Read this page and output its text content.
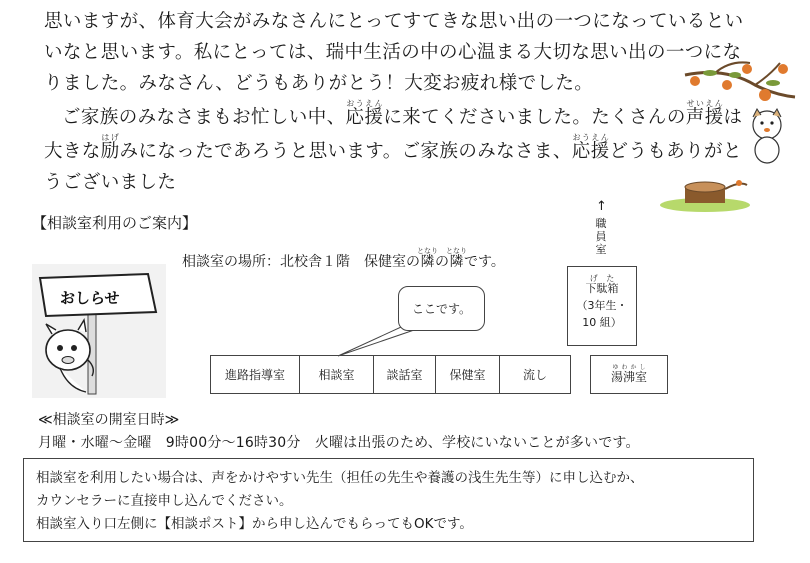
思いますが、体育大会がみなさんにとってすてきな思い出の一つになっているとい

いなと思います。私にとっては、瑞中生活の中の心温まる大切な思い出の一つにな

りました。みなさん、どうもありがとう！大変お疲れ様でした。

ご家族のみなさまもお忙しい中、応援おうえんに来てくださいました。たくさんの声援せいえんは

大きな励はげみになったであろうと思います。ご家族のみなさま、応援おうえんどうもありがと

うございました

【相談室利用のご案内】
相談室の場所：北校舎１階　保健室の隣となりの隣となりです。
おしらせ
進路指導室	相談室	談話室	保健室	流し
ここです。
↑
職員室
下駄箱げた
（3年生・
10 組）
湯沸室ゆわかし
≪相談室の開室日時≫
月曜・水曜～金曜　9時00分～16時30分　火曜は出張のため、学校にいないことが多いです。

相談室を利用したい場合は、声をかけやすい先生（担任の先生や養護の浅生先生等）に申し込むか、

カウンセラーに直接申し込んでください。

相談室入り口左側に【相談ポスト】から申し込んでもらってもOKです。
